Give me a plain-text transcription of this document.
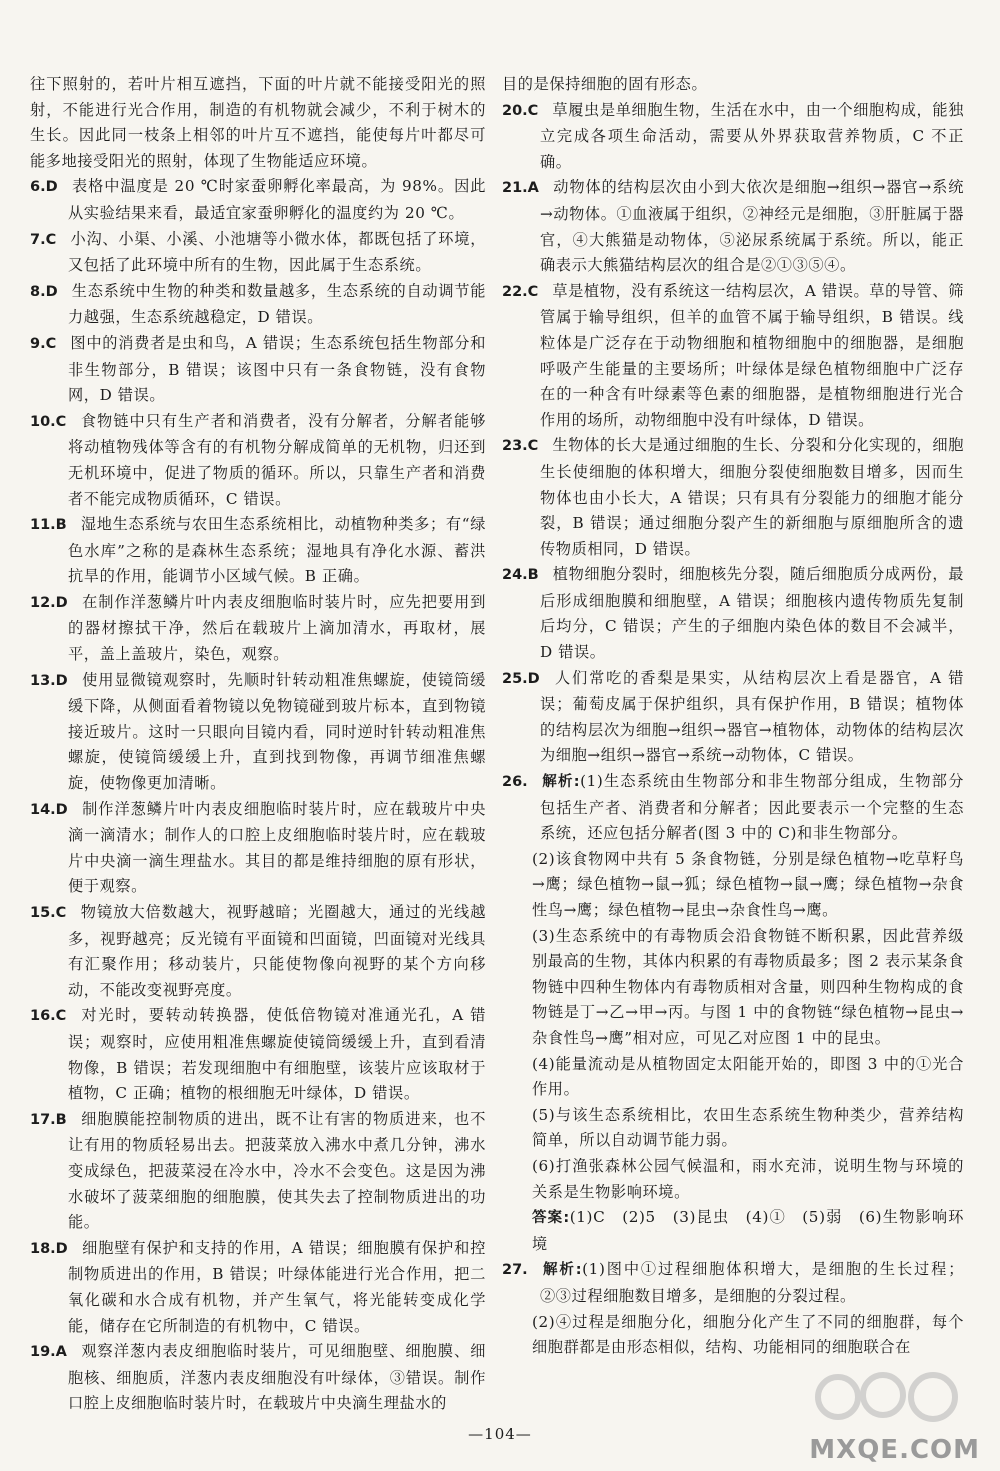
往下照射的，若叶片相互遮挡，下面的叶片就不能接受阳光的照射，不能进行光合作用，制造的有机物就会减少，不利于树木的生长。因此同一枝条上相邻的叶片互不遮挡，能使每片叶都尽可能多地接受阳光的照射，体现了生物能适应环境。

6.D 表格中温度是 20 ℃时家蚕卵孵化率最高，为 98%。因此从实验结果来看，最适宜家蚕卵孵化的温度约为 20 ℃。

7.C 小沟、小渠、小溪、小池塘等小微水体，都既包括了环境，又包括了此环境中所有的生物，因此属于生态系统。

8.D 生态系统中生物的种类和数量越多，生态系统的自动调节能力越强，生态系统越稳定，D 错误。

9.C 图中的消费者是虫和鸟，A 错误；生态系统包括生物部分和非生物部分，B 错误；该图中只有一条食物链，没有食物网，D 错误。

10.C 食物链中只有生产者和消费者，没有分解者，分解者能够将动植物残体等含有的有机物分解成简单的无机物，归还到无机环境中，促进了物质的循环。所以，只靠生产者和消费者不能完成物质循环，C 错误。

11.B 湿地生态系统与农田生态系统相比，动植物种类多；有“绿色水库”之称的是森林生态系统；湿地具有净化水源、蓄洪抗旱的作用，能调节小区域气候。B 正确。

12.D 在制作洋葱鳞片叶内表皮细胞临时装片时，应先把要用到的器材擦拭干净，然后在载玻片上滴加清水，再取材，展平，盖上盖玻片，染色，观察。

13.D 使用显微镜观察时，先顺时针转动粗准焦螺旋，使镜筒缓缓下降，从侧面看着物镜以免物镜碰到玻片标本，直到物镜接近玻片。这时一只眼向目镜内看，同时逆时针转动粗准焦螺旋，使镜筒缓缓上升，直到找到物像，再调节细准焦螺旋，使物像更加清晰。

14.D 制作洋葱鳞片叶内表皮细胞临时装片时，应在载玻片中央滴一滴清水；制作人的口腔上皮细胞临时装片时，应在载玻片中央滴一滴生理盐水。其目的都是维持细胞的原有形状，便于观察。

15.C 物镜放大倍数越大，视野越暗；光圈越大，通过的光线越多，视野越亮；反光镜有平面镜和凹面镜，凹面镜对光线具有汇聚作用；移动装片，只能使物像向视野的某个方向移动，不能改变视野亮度。

16.C 对光时，要转动转换器，使低倍物镜对准通光孔，A 错误；观察时，应使用粗准焦螺旋使镜筒缓缓上升，直到看清物像，B 错误；若发现细胞中有细胞壁，该装片应该取材于植物，C 正确；植物的根细胞无叶绿体，D 错误。

17.B 细胞膜能控制物质的进出，既不让有害的物质进来，也不让有用的物质轻易出去。把菠菜放入沸水中煮几分钟，沸水变成绿色，把菠菜浸在冷水中，冷水不会变色。这是因为沸水破坏了菠菜细胞的细胞膜，使其失去了控制物质进出的功能。

18.D 细胞壁有保护和支持的作用，A 错误；细胞膜有保护和控制物质进出的作用，B 错误；叶绿体能进行光合作用，把二氧化碳和水合成有机物，并产生氧气，将光能转变成化学能，储存在它所制造的有机物中，C 错误。

19.A 观察洋葱内表皮细胞临时装片，可见细胞壁、细胞膜、细胞核、细胞质，洋葱内表皮细胞没有叶绿体，③错误。制作口腔上皮细胞临时装片时，在载玻片中央滴生理盐水的

目的是保持细胞的固有形态。

20.C 草履虫是单细胞生物，生活在水中，由一个细胞构成，能独立完成各项生命活动，需要从外界获取营养物质，C 不正确。

21.A 动物体的结构层次由小到大依次是细胞→组织→器官→系统→动物体。①血液属于组织，②神经元是细胞，③肝脏属于器官，④大熊猫是动物体，⑤泌尿系统属于系统。所以，能正确表示大熊猫结构层次的组合是②①③⑤④。

22.C 草是植物，没有系统这一结构层次，A 错误。草的导管、筛管属于输导组织，但羊的血管不属于输导组织，B 错误。线粒体是广泛存在于动物细胞和植物细胞中的细胞器，是细胞呼吸产生能量的主要场所；叶绿体是绿色植物细胞中广泛存在的一种含有叶绿素等色素的细胞器，是植物细胞进行光合作用的场所，动物细胞中没有叶绿体，D 错误。

23.C 生物体的长大是通过细胞的生长、分裂和分化实现的，细胞生长使细胞的体积增大，细胞分裂使细胞数目增多，因而生物体也由小长大，A 错误；只有具有分裂能力的细胞才能分裂，B 错误；通过细胞分裂产生的新细胞与原细胞所含的遗传物质相同，D 错误。

24.B 植物细胞分裂时，细胞核先分裂，随后细胞质分成两份，最后形成细胞膜和细胞壁，A 错误；细胞核内遗传物质先复制后均分，C 错误；产生的子细胞内染色体的数目不会减半，D 错误。

25.D 人们常吃的香梨是果实，从结构层次上看是器官，A 错误；葡萄皮属于保护组织，具有保护作用，B 错误；植物体的结构层次为细胞→组织→器官→植物体，动物体的结构层次为细胞→组织→器官→系统→动物体，C 错误。

26. 解析:(1)生态系统由生物部分和非生物部分组成，生物部分包括生产者、消费者和分解者；因此要表示一个完整的生态系统，还应包括分解者(图 3 中的 C)和非生物部分。

(2)该食物网中共有 5 条食物链，分别是绿色植物→吃草籽鸟→鹰；绿色植物→鼠→狐；绿色植物→鼠→鹰；绿色植物→杂食性鸟→鹰；绿色植物→昆虫→杂食性鸟→鹰。

(3)生态系统中的有毒物质会沿食物链不断积累，因此营养级别最高的生物，其体内积累的有毒物质最多；图 2 表示某条食物链中四种生物体内有毒物质相对含量，则四种生物构成的食物链是丁→乙→甲→丙。与图 1 中的食物链“绿色植物→昆虫→杂食性鸟→鹰”相对应，可见乙对应图 1 中的昆虫。

(4)能量流动是从植物固定太阳能开始的，即图 3 中的①光合作用。

(5)与该生态系统相比，农田生态系统生物种类少，营养结构简单，所以自动调节能力弱。

(6)打渔张森林公园气候温和，雨水充沛，说明生物与环境的关系是生物影响环境。

答案:(1)C　(2)5　(3)昆虫　(4)①　(5)弱　(6)生物影响环境

27. 解析:(1)图中①过程细胞体积增大，是细胞的生长过程；②③过程细胞数目增多，是细胞的分裂过程。

(2)④过程是细胞分化，细胞分化产生了不同的细胞群，每个细胞群都是由形态相似，结构、功能相同的细胞联合在

—104—
MXQE.COM
